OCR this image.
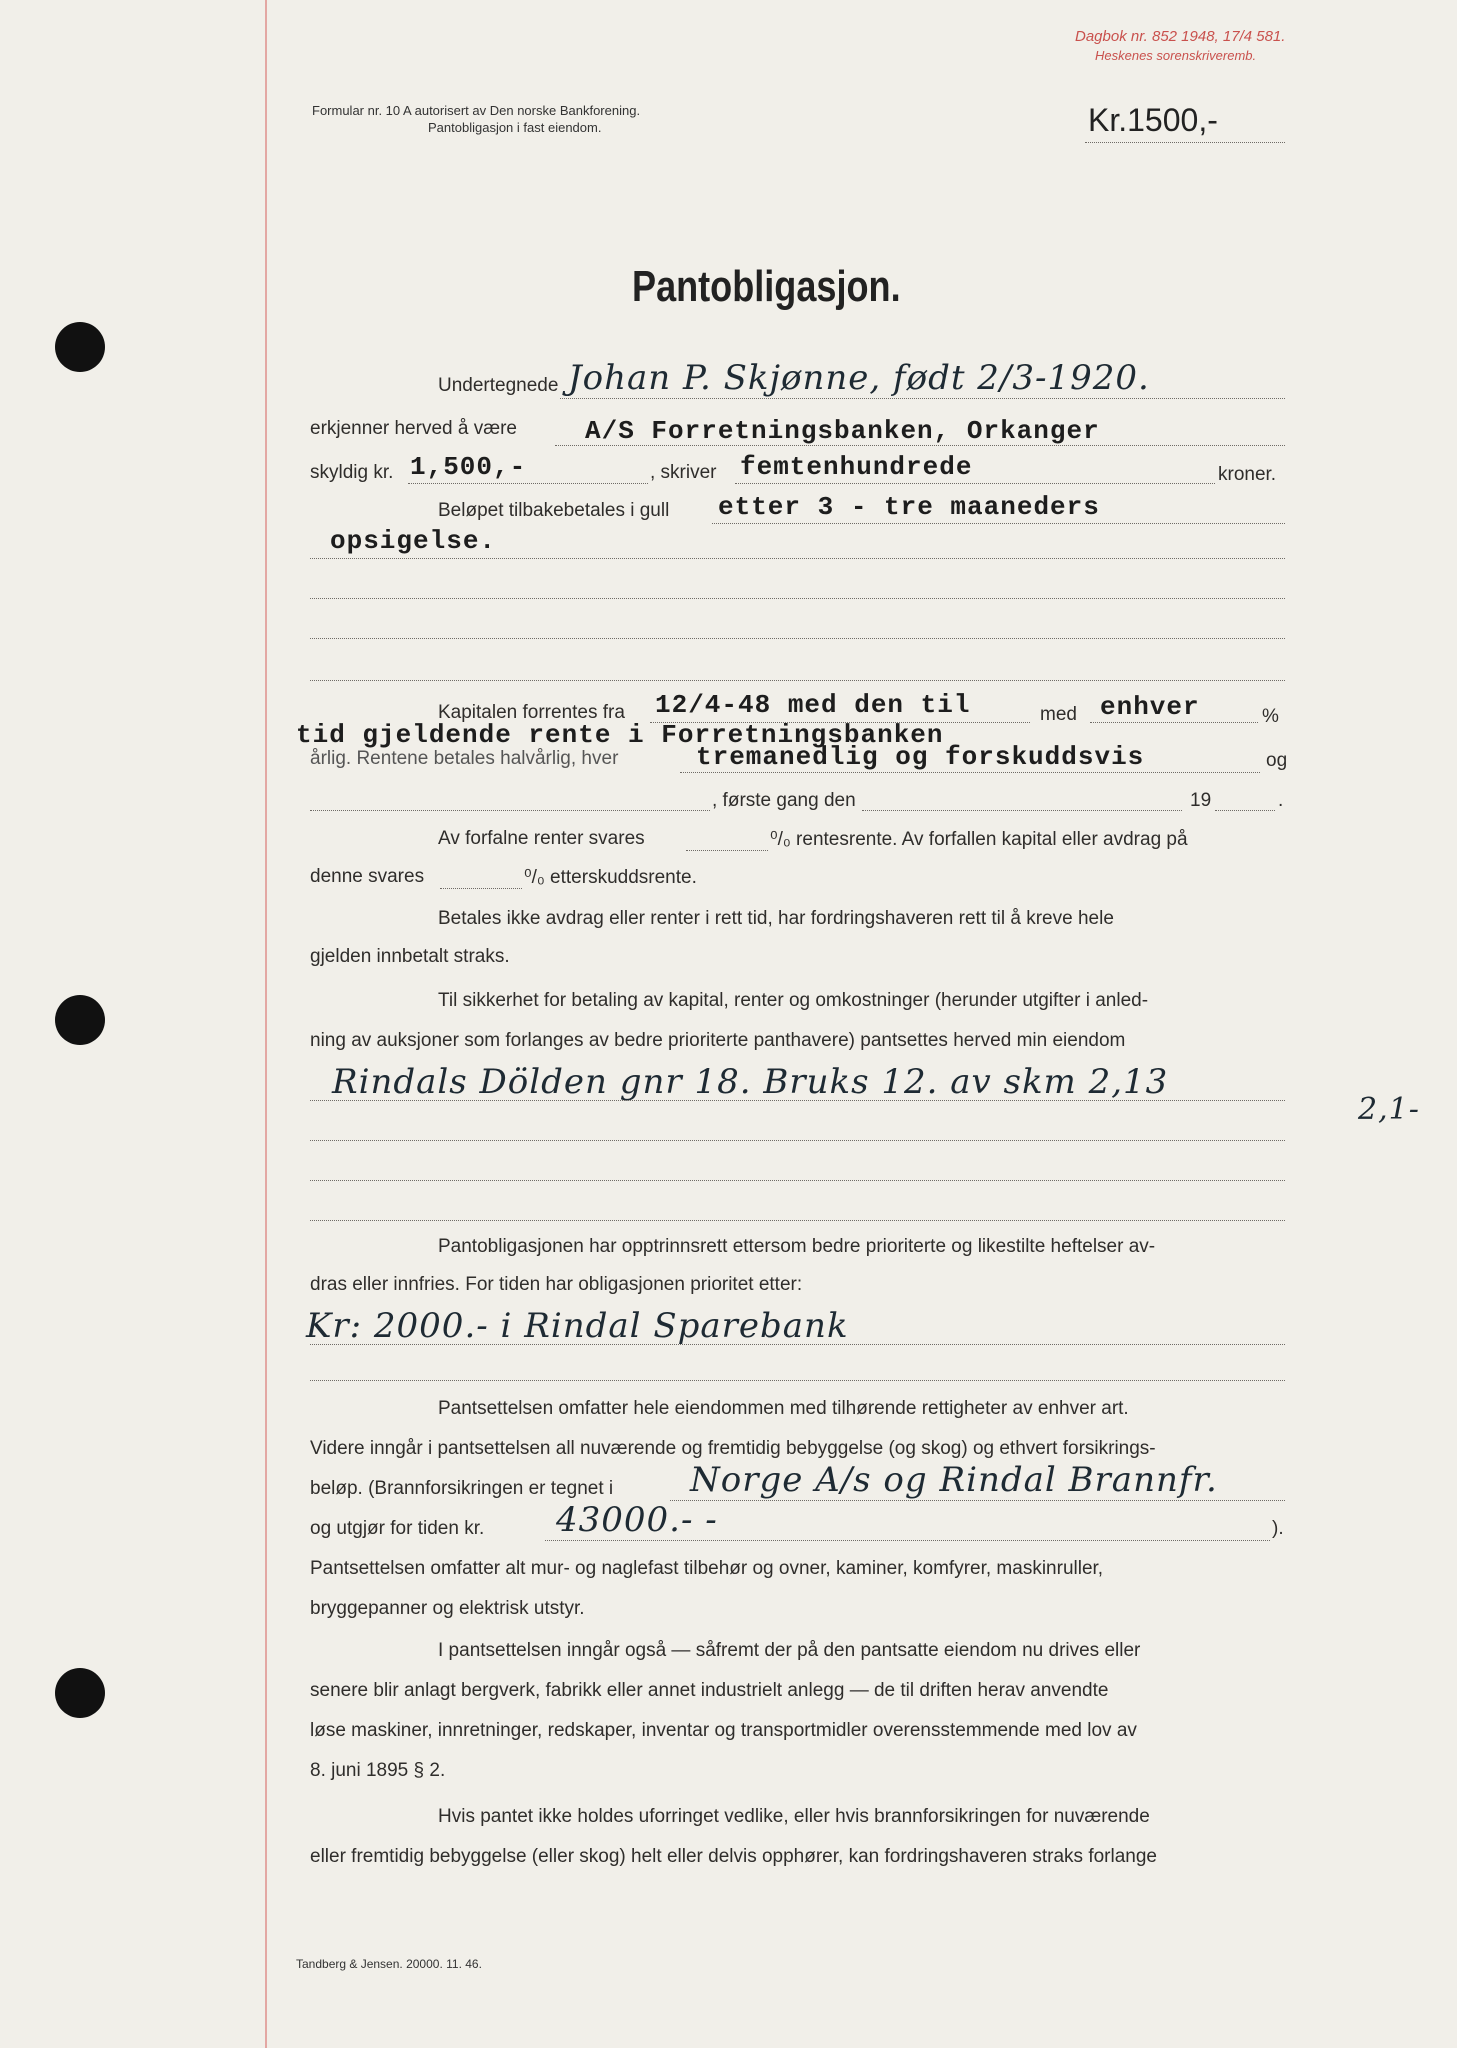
Dagbok nr. 852 1948, 17/4 581.
Heskenes sorenskriveremb.
Formular nr. 10 A autorisert av Den norske Bankforening.
Pantobligasjon i fast eiendom.	Kr.1500,-
Pantobligasjon.
Undertegnede Johan P. Skjønne, født 2/3-1920.
erkjenner herved å være	A/S Forretningsbanken, Orkanger
skyldig kr. 1,500,-	, skriver femtenhundrede	kroner.
Beløpet tilbakebetales i gull etter 3 - tre maaneders
opsigelse.
Kapitalen forrentes fra 12/4-48 med den til	med enhver	%
tid gjeldende rente i Forretningsbanken
årlig. Rentene betales halvårlig, hver	tremanedlig og forskuddsvis	og
, første gang den	19	.
Av forfalne renter svares	⁰/₀ rentesrente. Av forfallen kapital eller avdrag på
denne svares	⁰/₀ etterskuddsrente.
Betales ikke avdrag eller renter i rett tid, har fordringshaveren rett til å kreve hele
gjelden innbetalt straks.
Til sikkerhet for betaling av kapital, renter og omkostninger (herunder utgifter i anled-
ning av auksjoner som forlanges av bedre prioriterte panthavere) pantsettes herved min eiendom
Rindals Dölden gnr 18. Bruks 12. av skm 2,13
2,1-
Pantobligasjonen har opptrinnsrett ettersom bedre prioriterte og likestilte heftelser av-
dras eller innfries. For tiden har obligasjonen prioritet etter:
Kr: 2000.- i Rindal Sparebank
Pantsettelsen omfatter hele eiendommen med tilhørende rettigheter av enhver art.
Videre inngår i pantsettelsen all nuværende og fremtidig bebyggelse (og skog) og ethvert forsikrings-
beløp. (Brannforsikringen er tegnet i Norge A/s og Rindal Brannfr.
og utgjør for tiden kr. 43000.- -	).
Pantsettelsen omfatter alt mur- og naglefast tilbehør og ovner, kaminer, komfyrer, maskinruller,
bryggepanner og elektrisk utstyr.
I pantsettelsen inngår også — såfremt der på den pantsatte eiendom nu drives eller
senere blir anlagt bergverk, fabrikk eller annet industrielt anlegg — de til driften herav anvendte
løse maskiner, innretninger, redskaper, inventar og transportmidler overensstemmende med lov av
8. juni 1895 § 2.
Hvis pantet ikke holdes uforringet vedlike, eller hvis brannforsikringen for nuværende
eller fremtidig bebyggelse (eller skog) helt eller delvis opphører, kan fordringshaveren straks forlange
Tandberg & Jensen. 20000. 11. 46.
